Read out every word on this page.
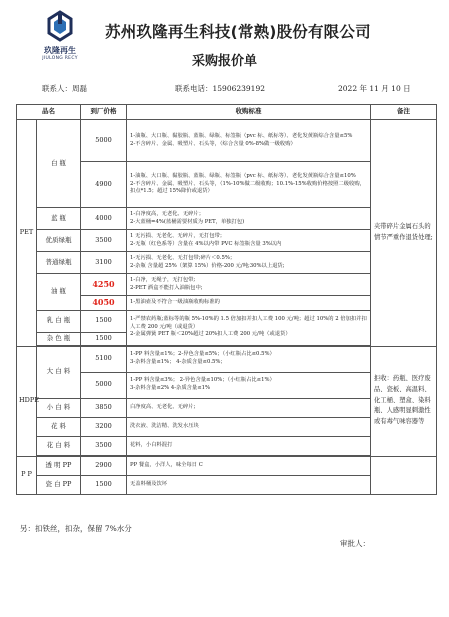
玖隆再生
JIULONG RECY
苏州玖隆再生科技(常熟)股份有限公司
采购报价单
联系人：周磊	联系电话：15906239192	2022 年 11 月 10 日
品名		到厂价格	收购标准	备注
PET	白 瓶	5000	1-油瓶、大口瓶、黏胶瓶、蓝瓶、绿瓶、标签瓶（pvc 标、纸标等）、老化发黄瓶综合含量≤5%
2-不含碎片、金属、吸塑片、石头等，（综合含量 0%-8%做一级收购）	夹带碎片金属石头的情节严重作退货处理;
		4900	1-油瓶、大口瓶、黏胶瓶、蓝瓶、绿瓶、标签瓶（pvc 标、纸标等）、老化发黄瓶综合含量≤10%
2-不含碎片、金属、吸塑片、石头等，（1%-10%做二级收购；10.1%-15%收购价格按照二级收购，扣点*1.5；超过 15%降价或退货）	
	蓝 瓶	4000	1-白净度高，无老化、无碎片；
2-大蓝桶=4%(蓝桶需要材质为 PET，单独打包)	
	优质绿瓶	3500	1 无污损、无老化、无碎片，无打包带；
2-无瓶（红色系等）含量在 4%以内带 PVC 标签瓶含量 3%以内	
	普通绿瓶	3100	1-无污损、无老化、无打包带;碎片＜0.5%；
2-杂瓶 含量超 25%（架算 15%）价格-200 元/吨;30%以上退货;	
	油 瓶	4250	1-白净，无绳子，无打包带;
2-PET 酒盒不能打入油瓶包中;	
		4050	1-黑油壶及不符合一级油瓶收购标准的	
	乳 白 瓶	1500	1-严禁农药瓶;蓝标等的瓶 5%-10%的 1.5 倍加扣并扣人工费 100 元/吨；超过 10%的 2 倍加扣并扣人工费 200 元/吨（或退货）
2-金属弹簧 PET 瓶＜20%超过 20%扣人工费 200 元/吨（或退货）	

	杂 色 瓶	1500		

HDPE	大 白 料	5100	1-PP 料含量≤1%；2-异色含量≤5%；（小红瓶占比≤0.5%）
3-杂料含量≤1%； 4-杂质含量≤0.5%；	拒收：药瓶、医疗废品、瓷板、高温料、化工桶、塑盒、染料瓶、人感明显刺激性或有毒气味容器等
		5000	1-PP 料含量≤3%； 2-异色含量≤10%；（小红瓶占比≤1%）
3-杂料含量≤2% 4-杂质含量≤1%	
	小 白 料	3850	白净度高、无老化、无碎片;	
	花 料	3200	洗衣液、洗洁精、洗发水压块	
	花 白 料	3500	花料，小白料混打	

P P	透 明 PP	2900	PP 餐盒，小洋人，味全每日 C	
	瓷 白 PP	1500	无盖料桶及饮坏	
另：扣铁丝，扣杂，保留 7%水分
审批人：
